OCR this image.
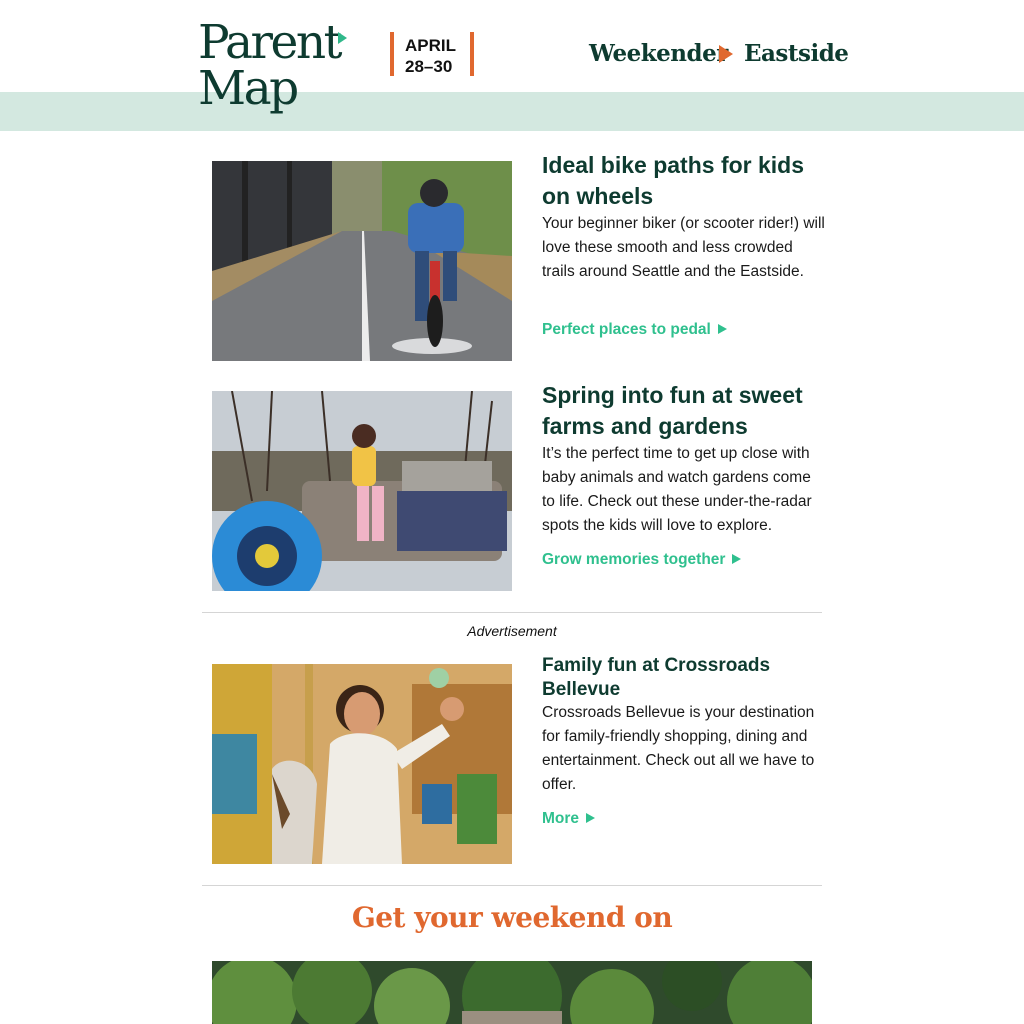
Parent
Map
APRIL
28–30	Weekender Eastside
Ideal bike paths for kids on wheels

Your beginner biker (or scooter rider!) will love these smooth and less crowded trails around Seattle and the Eastside.

Perfect places to pedal
Spring into fun at sweet farms and gardens

It’s the perfect time to get up close with baby animals and watch gardens come to life. Check out these under-the-radar spots the kids will love to explore.

Grow memories together
Advertisement
Family fun at Crossroads Bellevue

Crossroads Bellevue is your destination for family-friendly shopping, dining and entertainment. Check out all we have to offer.

More
Get your weekend on
